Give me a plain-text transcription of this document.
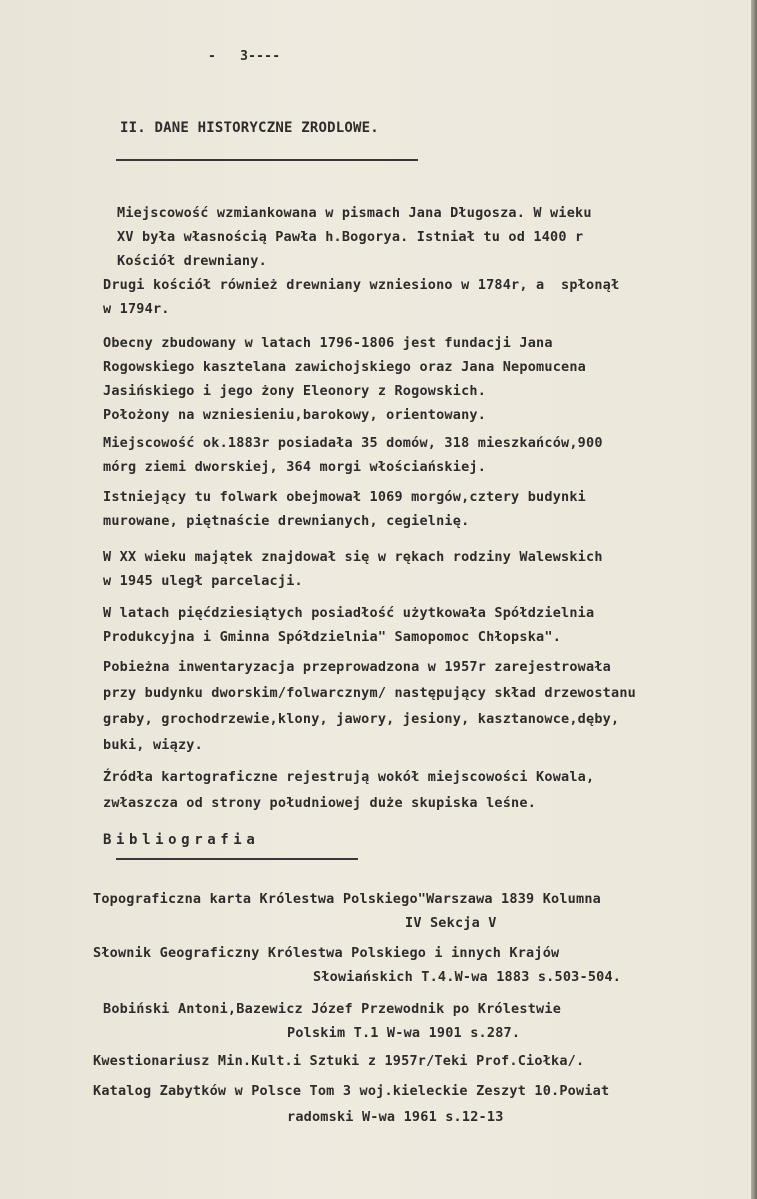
-   3----
II. DANE HISTORYCZNE ZRODLOWE.
Miejscowość wzmiankowana w pismach Jana Długosza. W wieku
XV była własnością Pawła h.Bogorya. Istniał tu od 1400 r
Kościół drewniany.
Drugi kościół również drewniany wzniesiono w 1784r, a  spłonął
w 1794r.
Obecny zbudowany w latach 1796-1806 jest fundacji Jana
Rogowskiego kasztelana zawichojskiego oraz Jana Nepomucena
Jasińskiego i jego żony Eleonory z Rogowskich.
Położony na wzniesieniu,barokowy, orientowany.
Miejscowość ok.1883r posiadała 35 domów, 318 mieszkańców,900
mórg ziemi dworskiej, 364 morgi włościańskiej.
Istniejący tu folwark obejmował 1069 morgów,cztery budynki
murowane, piętnaście drewnianych, cegielnię.
W XX wieku majątek znajdował się w rękach rodziny Walewskich
w 1945 uległ parcelacji.
W latach pięćdziesiątych posiadłość użytkowała Spółdzielnia
Produkcyjna i Gminna Spółdzielnia" Samopomoc Chłopska".
Pobieżna inwentaryzacja przeprowadzona w 1957r zarejestrowała
przy budynku dworskim/folwarcznym/ następujący skład drzewostanu
graby, grochodrzewie,klony, jawory, jesiony, kasztanowce,dęby,
buki, wiązy.
Źródła kartograficzne rejestrują wokół miejscowości Kowala,
zwłaszcza od strony południowej duże skupiska leśne.
Bibliografia
Topograficzna karta Królestwa Polskiego"Warszawa 1839 Kolumna
IV Sekcja V
Słownik Geograficzny Królestwa Polskiego i innych Krajów
Słowiańskich T.4.W-wa 1883 s.503-504.
Bobiński Antoni,Bazewicz Józef Przewodnik po Królestwie
Polskim T.1 W-wa 1901 s.287.
Kwestionariusz Min.Kult.i Sztuki z 1957r/Teki Prof.Ciołka/.
Katalog Zabytków w Polsce Tom 3 woj.kieleckie Zeszyt 10.Powiat
radomski W-wa 1961 s.12-13
